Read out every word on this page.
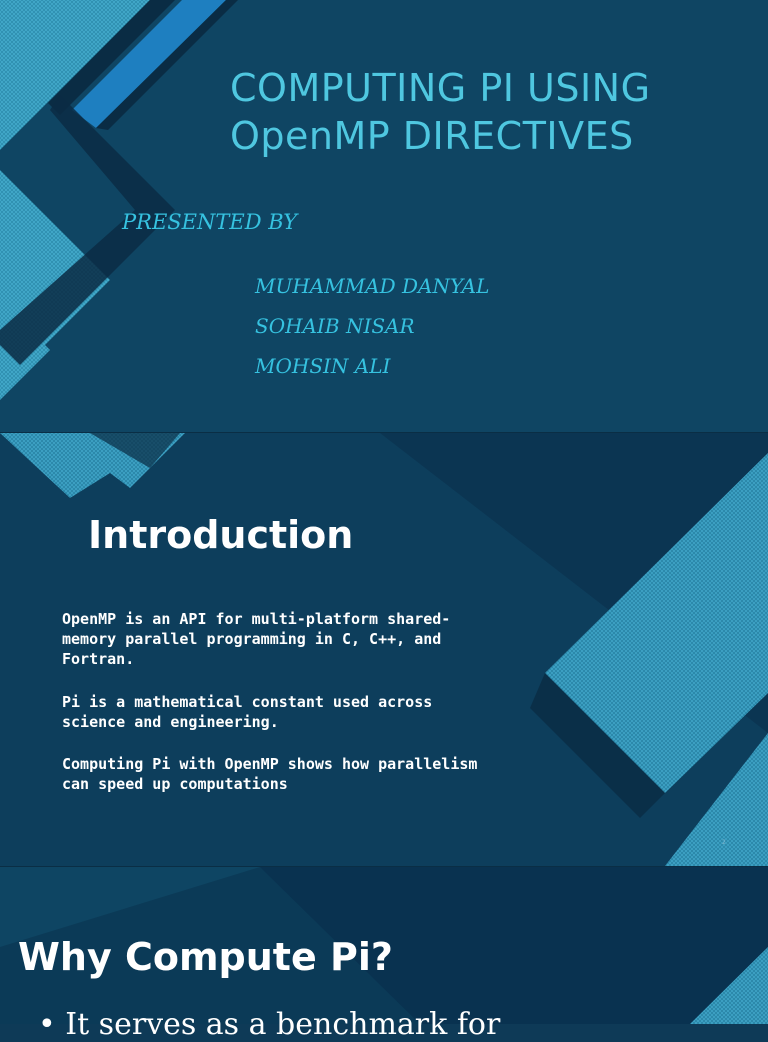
COMPUTING PI USING
OpenMP DIRECTIVES
PRESENTED BY
MUHAMMAD DANYAL
SOHAIB NISAR
MOHSIN ALI
Introduction
OpenMP is an API for multi-platform shared-memory parallel programming in C, C++, and Fortran.
Pi is a mathematical constant used across science and engineering.
Computing Pi with OpenMP shows how parallelism can speed up computations
2
Why Compute Pi?
• It serves as a benchmark for
